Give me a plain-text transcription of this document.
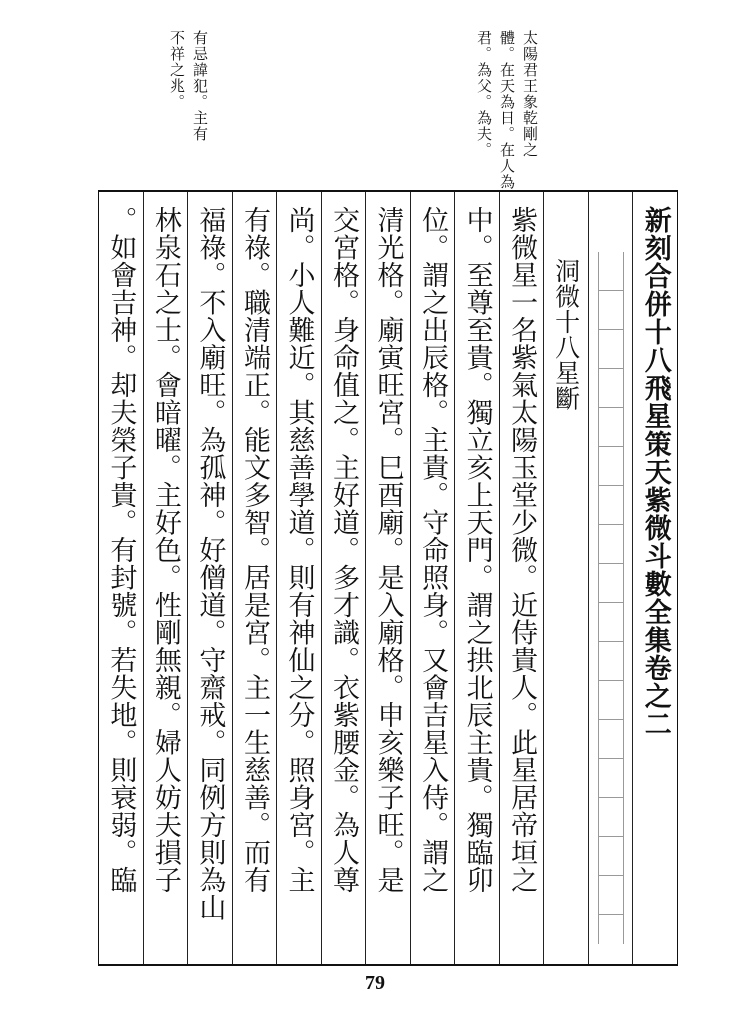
太陽君王象乾剛之
體。在天為日。在人為
君。為父。為夫。
有忌諱犯。主有
不祥之兆。
新刻合併十八飛星策天紫微斗數全集卷之二
洞微十八星斷
紫微星一名紫氣太陽玉堂少微。近侍貴人。此星居帝垣之
中。至尊至貴。獨立亥上天門。謂之拱北辰主貴。獨臨卯
位。謂之出辰格。主貴。守命照身。又會吉星入侍。謂之
清光格。廟寅旺宮。巳酉廟。是入廟格。申亥樂子旺。是
交宮格。身命值之。主好道。多才識。衣紫腰金。為人尊
尚。小人難近。其慈善學道。則有神仙之分。照身宮。主
有祿。職清端正。能文多智。居是宮。主一生慈善。而有
福祿。不入廟旺。為孤神。好僧道。守齋戒。同例方則為山
林泉石之士。會暗曜。主好色。性剛無親。婦人妨夫損子
。如會吉神。却夫榮子貴。有封號。若失地。則衰弱。臨
79
